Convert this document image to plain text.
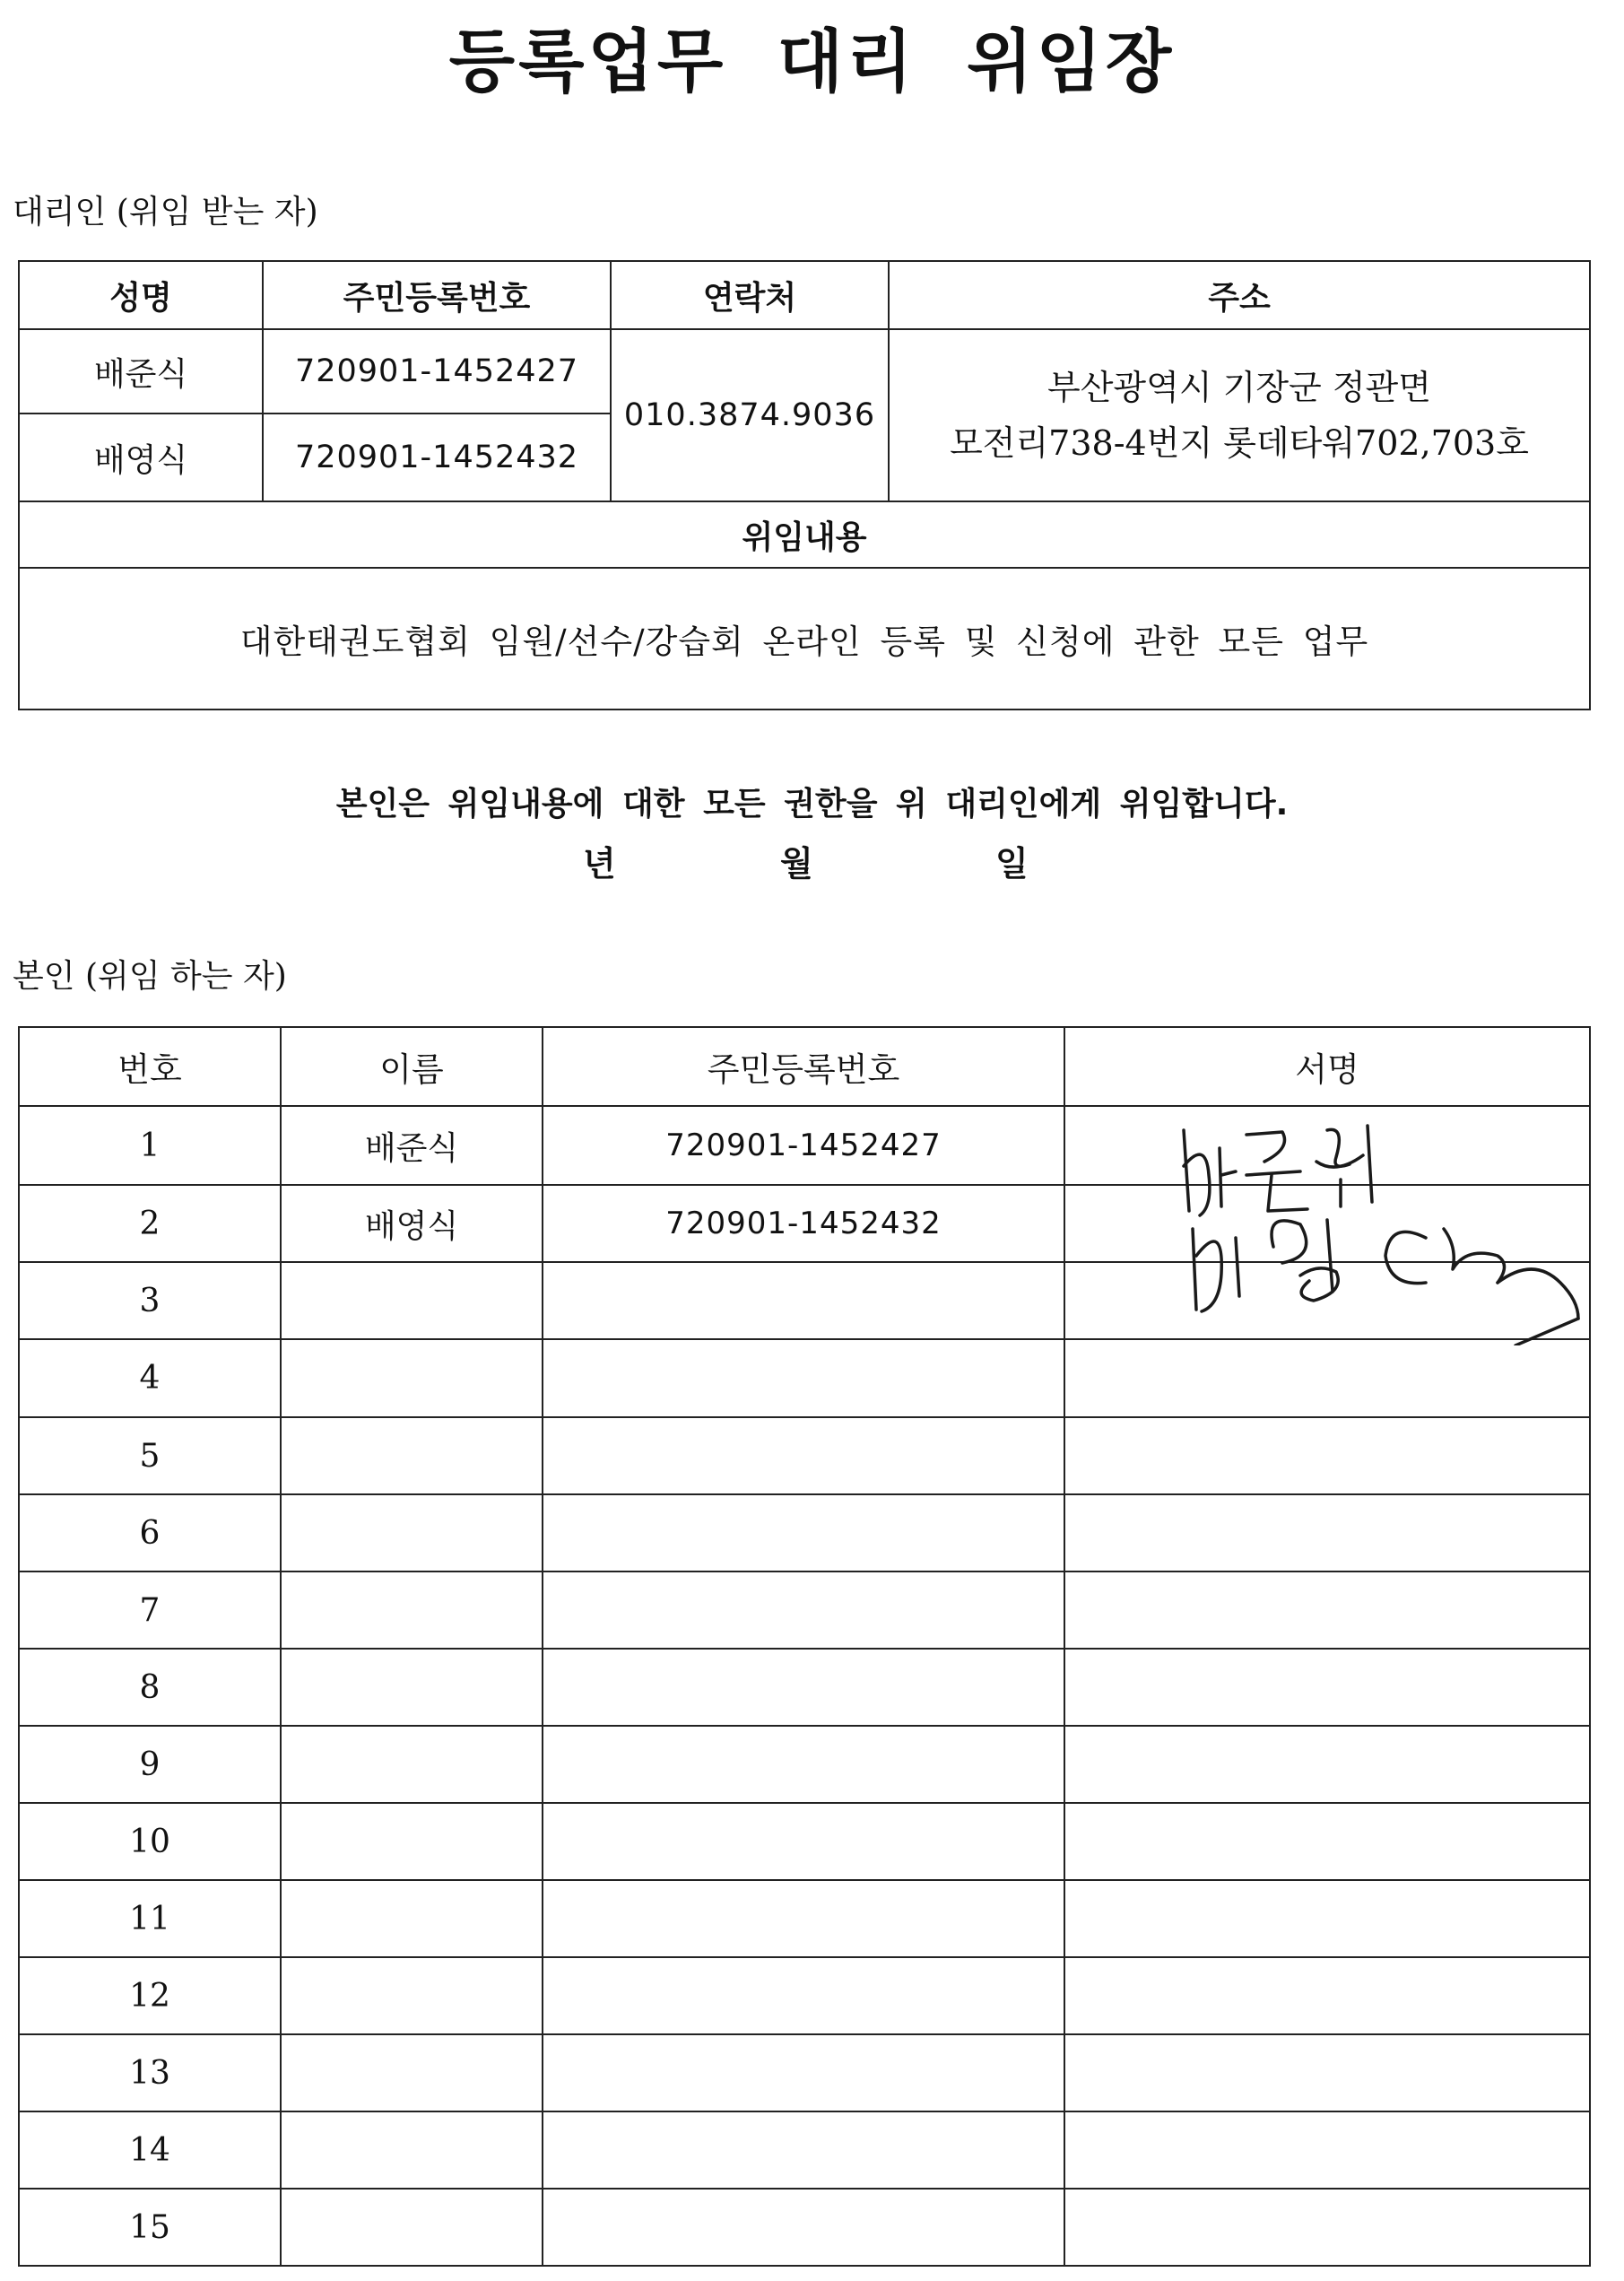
등록업무 대리 위임장
대리인 (위임 받는 자)
성명	주민등록번호	연락처	주소
배준식	720901-1452427	010.3874.9036	부산광역시 기장군 정관면
모전리738-4번지 롯데타워702,703호

배영식	720901-1452432		
위임내용			
대한태권도협회 임원/선수/강습회 온라인 등록 및 신청에 관한 모든 업무			
본인은 위임내용에 대한 모든 권한을 위 대리인에게 위임합니다.
년	월	일
본인 (위임 하는 자)
번호	이름	주민등록번호	서명
1	배준식	720901-1452427	
2	배영식	720901-1452432	
3			
4			
5			
6			
7			
8			
9			
10			
11			
12			
13			
14			
15			
